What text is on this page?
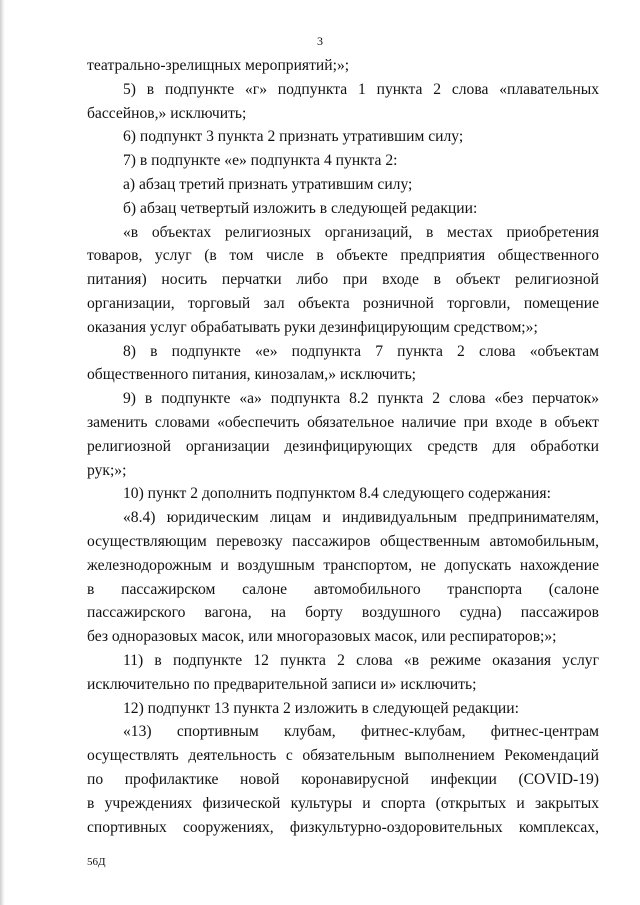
3
театрально-зрелищных мероприятий;»;
5) в подпункте «г» подпункта 1 пункта 2 слова «плавательных
бассейнов,» исключить;
6) подпункт 3 пункта 2 признать утратившим силу;
7) в подпункте «е» подпункта 4 пункта 2:
а) абзац третий признать утратившим силу;
б) абзац четвертый изложить в следующей редакции:
«в объектах религиозных организаций, в местах приобретения
товаров, услуг (в том числе в объекте предприятия общественного
питания) носить перчатки либо при входе в объект религиозной
организации, торговый зал объекта розничной торговли, помещение
оказания услуг обрабатывать руки дезинфицирующим средством;»;
8) в подпункте «е» подпункта 7 пункта 2 слова «объектам
общественного питания, кинозалам,» исключить;
9) в подпункте «а» подпункта 8.2 пункта 2 слова «без перчаток»
заменить словами «обеспечить обязательное наличие при входе в объект
религиозной организации дезинфицирующих средств для обработки
рук;»;
10) пункт 2 дополнить подпунктом 8.4 следующего содержания:
«8.4) юридическим лицам и индивидуальным предпринимателям,
осуществляющим перевозку пассажиров общественным автомобильным,
железнодорожным и воздушным транспортом, не допускать нахождение
в пассажирском салоне автомобильного транспорта (салоне
пассажирского вагона, на борту воздушного судна) пассажиров
без одноразовых масок, или многоразовых масок, или респираторов;»;
11) в подпункте 12 пункта 2 слова «в режиме оказания услуг
исключительно по предварительной записи и» исключить;
12) подпункт 13 пункта 2 изложить в следующей редакции:
«13) спортивным клубам, фитнес-клубам, фитнес-центрам
осуществлять деятельность с обязательным выполнением Рекомендаций
по профилактике новой коронавирусной инфекции (COVID-19)
в учреждениях физической культуры и спорта (открытых и закрытых
спортивных сооружениях, физкультурно-оздоровительных комплексах,
56Д
